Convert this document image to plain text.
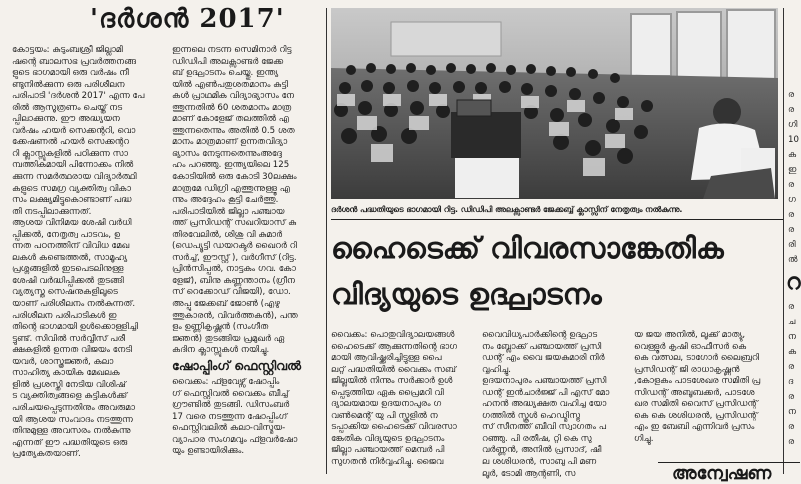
'ദർശൻ 2017'

കോട്ടയം: കുടുംബശ്രീ ജില്ലാമി

ഷന്റെ ബാലസഭ പ്രവർത്തനങ്ങ

ളുടെ ഭാഗമായി ഒരു വർഷം നീ

ണ്ടുനിൽക്കുന്ന ഒരു പരിശീലന

പരിപാടി 'ദർശൻ 2017' എന്ന പേ

രിൽ ആസൂത്രണം ചെയ്ത് നട

പ്പിലാക്കുന്നു. ഈ അദ്ധ്യയന

വർഷം ഹയർ സെക്കന്ററി, വൊ

ക്കേഷണൽ ഹയർ സെക്കന്ററ

റി ക്ലാസ്സുകളിൽ പഠിക്കുന്ന സാ

മ്പത്തികമായി പിന്നോക്കം നിൽ

ക്കുന്ന സമർത്ഥരായ വിദ്യാർത്ഥി

കളുടെ സമഗ്ര വ്യക്തിത്വ വികാ

സം ലക്ഷ്യമിട്ടുകൊണ്ടാണ് പദ്ധ

തി നടപ്പിലാക്കുന്നത്.

ആശയ വിനിമയ ശേഷി വർധി

പ്പിക്കൽ, നേതൃത്വ പാടവം, ഉ

ന്നത പഠനത്തിന് വിവിധ മേഖ

ലകൾ കണ്ടെത്തൽ, സാമൂഹ്യ

പ്രശ്നങ്ങളിൽ ഇടപെടലിനുള്ള

ശേഷി വർദ്ധിപ്പിക്കൽ തുടങ്ങി

വ്യത്യസ്ത സെഷനുകളിലൂടെ

യാണ് പരിശീലനം നൽകുന്നത്.

പരിശീലന പരിപാടികൾ ഇ

തിന്റെ ഭാഗമായി ഉൾക്കൊള്ളിച്ചി

ട്ടുണ്ട്. സിവിൽ സർവ്വീസ് പരീ

ക്ഷകളിൽ ഉന്നത വിജയം നേടി

യവർ, ശാസ്ത്രജ്ഞർ, കലാ

സാഹിത്യ കായിക മേഖലക

ളിൽ പ്രശസ്തി നേടിയ വിശിഷ്

ട വ്യക്തിത്വങ്ങളെ കുട്ടികൾക്ക്

പരിചയപ്പെടുന്നതിനും അവരുമാ

യി ആശയ സംവാദം നടത്തുന്ന

തിനുമുള്ള അവസരം നൽകുന്നു

എന്നത് ഈ പദ്ധതിയുടെ ഒരു

പ്രത്യേകതയാണ്.

ഇന്നലെ നടന്ന സെമിനാർ റിട്ട

ഡിഡിപി അലക്സാണ്ടർ ജേക്ക

ബ് ഉദ്ഘാടനം ചെയ്തു. ഇന്ത്യ

യിൽ എൺപതുശതമാനം കുട്ടി

കൾ പ്രാഥമിക വിദ്യാഭ്യാസം നേ

ത്തുന്നതിൽ 60 ശതമാനം മാത്ര

മാണ് കോളേജ് തലത്തിൽ എ

ത്തുന്നതെന്നും അതിൽ 0.5 ശത

മാനം മാത്രമാണ് ഉന്നതവിദ്യാ

ഭ്യാസം നേടുന്നതെന്നുംഅദ്ദേ

ഹം പറഞ്ഞു. ഇന്ത്യയിലെ 125

കോടിയിൽ ഒരു കോടി 30ലക്ഷം

മാത്രമേ ഡിഗ്രി എത്തുന്നുള്ളൂ എ

ന്നും അദ്ദേഹം കൂട്ടി ചേർത്തു.

പരിപാടിയിൽ ജില്ലാ പഞ്ചായ

ത്ത് പ്രസിഡന്റ് സഖറിയാസ് കു

തിരവേലിൽ, ശിശു വി കുമാർ

(ഡെപ്യൂട്ടി ഡയറക്ടർ ഖൈറർ റി

സർച്ച്, ഈസ്റ്റ് ), വർഗീസ് (റിട്ട.

പ്രിൻസിപ്പൽ, നാട്ടകം ഗവ. കോ

ളേജ്), ബിനു കണ്ണന്താനം (ഗ്രീന

സ് റെക്കോഡ് വിജയി), ഡോ.

അപ്പു ജേക്കബ് ജോൺ (എഴു

ത്തുകാരൻ, വിവർത്തകൻ), പന്ത

ളം ഉണ്ണികൃഷ്ണൻ (സംഗീത

ജ്ഞൻ) തുടങ്ങിയ പ്രമുഖർ ഏ

കദിന ക്ലാസ്സുകൾ നയിച്ചു.

ഷോപ്പിംഗ് ഫെസ്റ്റിവൽ

വൈക്കം: ഫ്ളവേഴ്സ് ഷോപ്പിം

ഗ് ഫെസ്റ്റിവൽ വൈക്കം ബീച്ച്

ഗ്രൗണ്ടിൽ തുടങ്ങി. ഡിസംബർ

17 വരെ നടത്തുന്ന ഷോപ്പിംഗ്

ഫെസ്റ്റിവലിൽ കലാ-വിസ്മയ-

വ്യാപാര സംഗമവും ഫ്ളവർഷോ

യും ഉണ്ടായിരിക്കും.

ദർശൻ പദ്ധതിയുടെ ഭാഗമായി റിട്ട. ഡിഡിപി അലക്സാണ്ടർ ജേക്കബ്ബ് ക്ലാസ്സിന് നേതൃത്വം നൽകുന്നു.
ഹൈടെക്ക് വിവരസാങ്കേതിക
വിദ്യയുടെ ഉദ്ഘാടനം

വൈക്കം: പൊതുവിദ്യാലയങ്ങൾ

ഹൈടെക്ക് ആക്കുന്നതിന്റെ ഭാഗ

മായി ആവിഷ്ക്കരിച്ചിട്ടുള്ള പൈ

ലറ്റ് പദ്ധതിയിൽ വൈക്കം സബ്

ജില്ലയിൽ നിന്നും സർക്കാർ ഉൾ

പ്പെടുത്തിയ ഏക പ്രൈമറി വി

ദ്യാലയമായ ഉദയനാപുരം ഗ

വൺമെന്റ് യു പി സ്കൂളിൽ ന

ടപ്പാക്കിയ ഹൈടെക്ക് വിവരസാ

ങ്കേതിക വിദ്യയുടെ ഉദ്ഘാടനം

ജില്ലാ പഞ്ചായത്ത് മെമ്പർ പി

സുഗതൻ നിർവ്വഹിച്ചു. ജൈവ

വൈവിധ്യപാർക്കിന്റെ ഉദ്ഘാട

നം ബ്ലോക്ക് പഞ്ചായത്ത് പ്രസി

ഡന്റ് എം വൈ ജയകുമാരി നിർ

വ്വഹിച്ചു.

ഉദയനാപുരം പഞ്ചായത്ത് പ്രസി

ഡന്റ് ഇൻചാർജ്ജ് പി എസ് മോ

ഹനൻ അദ്ധ്യക്ഷത വഹിച്ച യോ

ഗത്തിൽ സ്കൂൾ ഹെഡ്മിസ്ട്ര

സ് സീനത്ത് ബീവി സ്വാഗതം പ

റഞ്ഞു. പി രതീഷ, റ്റി കെ സു

വർണ്ണൻ, അനിൽ പ്രസാദ്, ഷീ

ല ശശിധരൻ, സാബു പി മണ

ലൂർ, ടോമി ആന്റണി, സ

യ ജയ അനിൽ, ലൂക്ക് മാത്യു,

വെള്ളൂർ കൃഷി ഓഫീസർ കെ

കെ വത്സല, ടാഗോർ ലൈബ്രറി

പ്രസിഡന്റ് ജി രാധാകൃഷ്ണൻ

,കോളകം പാടശേഖര സമിതി പ്ര

സിഡന്റ് അബൂബക്കർ, പാടശേ

ഖര സമിതി വൈസ് പ്രസിഡന്റ്

കെ കെ ശശിധരൻ, പ്രസിഡന്റ്

എം ഇ ബേബി എന്നിവർ പ്രസം

ഗിച്ചു.

ര
ര
ഗി
10
ക
ഇ
ര
ഗ
ര
ര
രി
ൽ
റ
ര
ച
ന
ക
ര
ദ
ര
ന
ര
ര
അന്വേഷണ
